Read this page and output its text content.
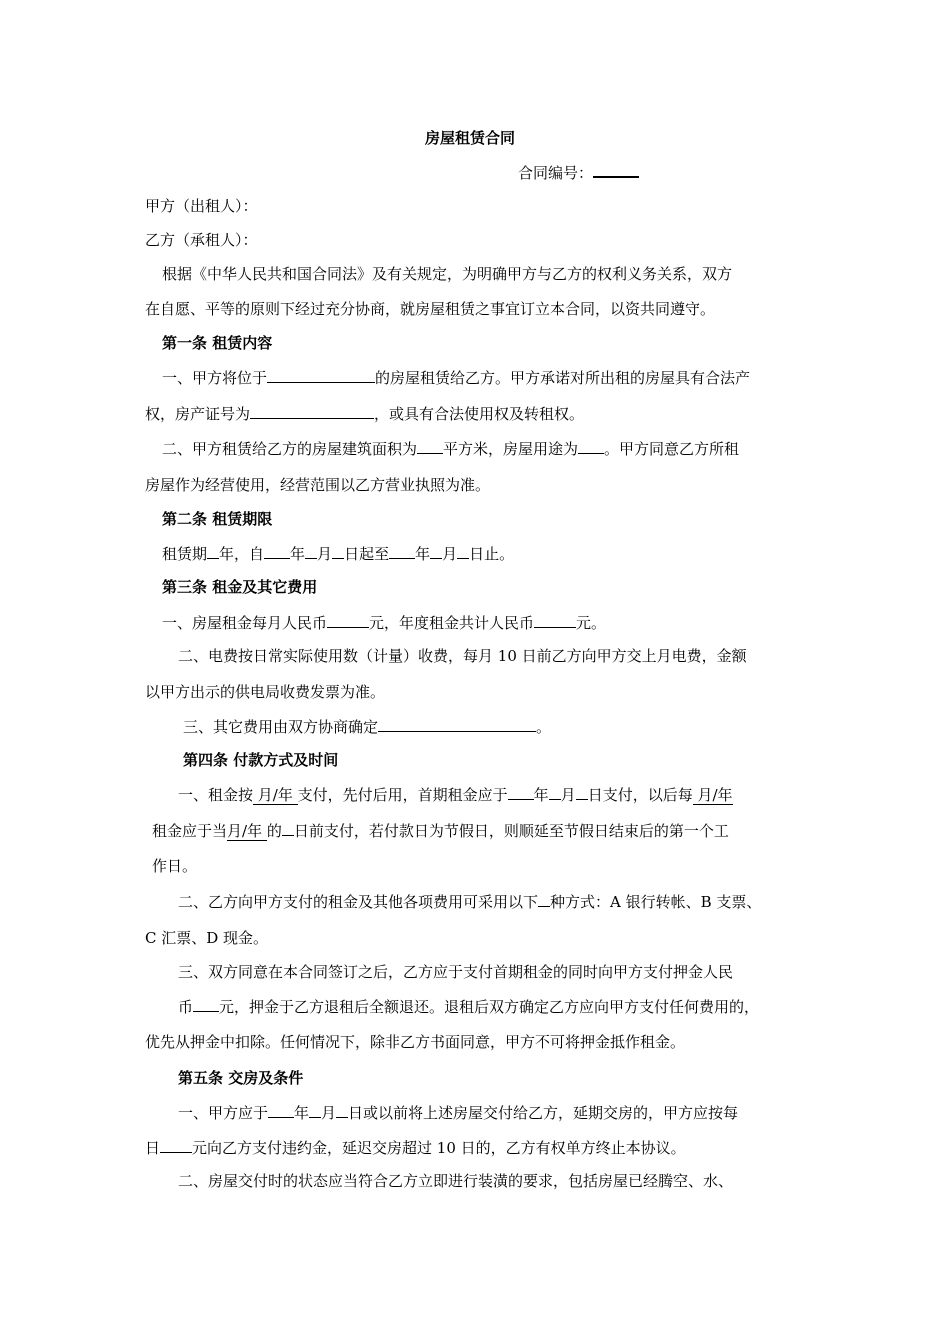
房屋租赁合同
合同编号：
甲方（出租人）：
乙方（承租人）：
根据《中华人民共和国合同法》及有关规定，为明确甲方与乙方的权利义务关系，双方
在自愿、平等的原则下经过充分协商，就房屋租赁之事宜订立本合同，以资共同遵守。
第一条 租赁内容
一、甲方将位于	的房屋租赁给乙方。甲方承诺对所出租的房屋具有合法产
权，房产证号为	，或具有合法使用权及转租权。
二、甲方租赁给乙方的房屋建筑面积为 平方米，房屋用途为 。甲方同意乙方所租
房屋作为经营使用，经营范围以乙方营业执照为准。
第二条 租赁期限
租赁期 年，自 年 月 日起至 年 月 日止。
第三条 租金及其它费用
一、房屋租金每月人民币	元，年度租金共计人民币	元。
二、电费按日常实际使用数（计量）收费，每月 10 日前乙方向甲方交上月电费，金额
以甲方出示的供电局收费发票为准。
三、其它费用由双方协商确定	。
第四条 付款方式及时间
一、租金按 月/年 支付，先付后用，首期租金应于 年 月 日支付，以后每 月/年
租金应于当月/年 的 日前支付，若付款日为节假日，则顺延至节假日结束后的第一个工
作日。
二、乙方向甲方支付的租金及其他各项费用可采用以下 种方式：A 银行转帐、B 支票、
C 汇票、D 现金。
三、双方同意在本合同签订之后，乙方应于支付首期租金的同时向甲方支付押金人民
币 元，押金于乙方退租后全额退还。退租后双方确定乙方应向甲方支付任何费用的，
优先从押金中扣除。任何情况下，除非乙方书面同意，甲方不可将押金抵作租金。
第五条 交房及条件
一、甲方应于 年 月 日或以前将上述房屋交付给乙方，延期交房的，甲方应按每
日 元向乙方支付违约金，延迟交房超过 10 日的，乙方有权单方终止本协议。
二、房屋交付时的状态应当符合乙方立即进行装潢的要求，包括房屋已经腾空、水、
